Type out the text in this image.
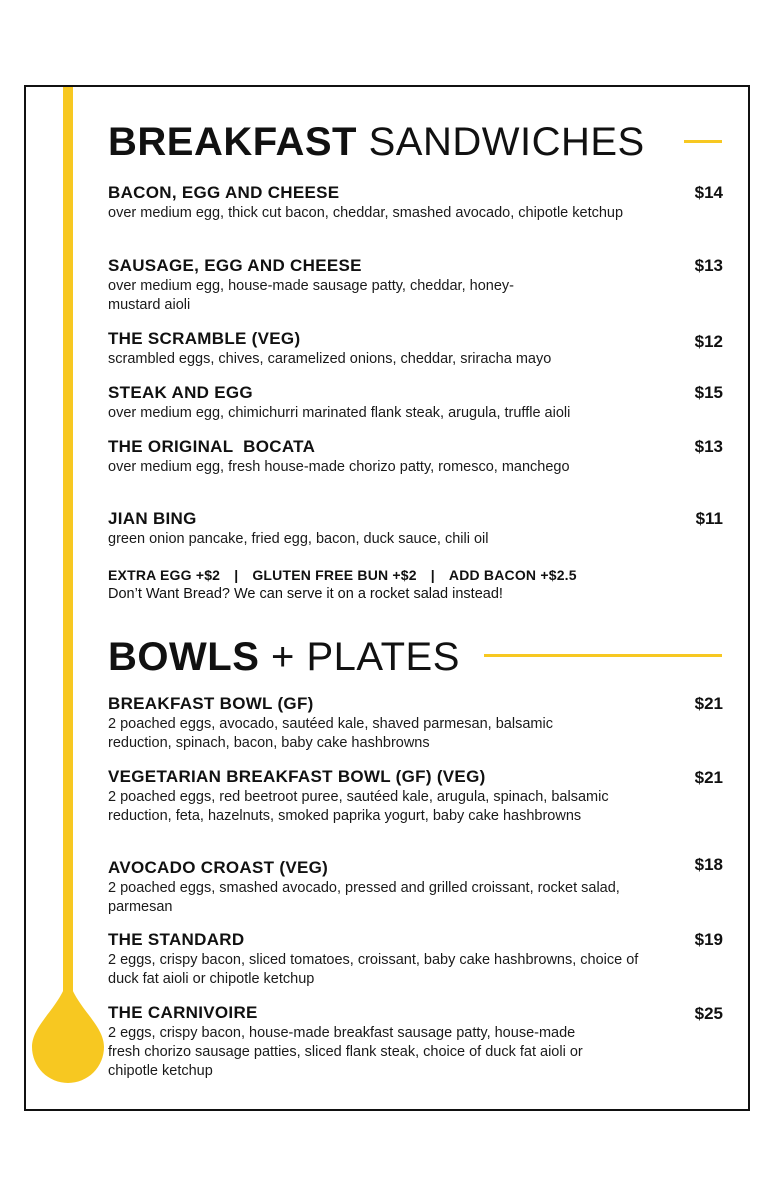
BREAKFAST SANDWICHES
BACON, EGG AND CHEESE
over medium egg, thick cut bacon, cheddar, smashed avocado, chipotle ketchup
$14
SAUSAGE, EGG AND CHEESE
over medium egg, house-made sausage patty, cheddar, honey-mustard aioli
$13
THE SCRAMBLE (VEG)
scrambled eggs, chives, caramelized onions, cheddar, sriracha mayo
$12
STEAK AND EGG
over medium egg, chimichurri marinated flank steak, arugula, truffle aioli
$15
THE ORIGINAL  BOCATA
over medium egg, fresh house-made chorizo patty, romesco, manchego
$13
JIAN BING
green onion pancake, fried egg, bacon, duck sauce, chili oil
$11
EXTRA EGG +$2 | GLUTEN FREE BUN +$2 | ADD BACON +$2.5
Don’t Want Bread? We can serve it on a rocket salad instead!
BOWLS + PLATES
BREAKFAST BOWL (GF)
2 poached eggs, avocado, sautéed kale, shaved parmesan, balsamic reduction, spinach, bacon, baby cake hashbrowns
$21
VEGETARIAN BREAKFAST BOWL (GF) (VEG)
2 poached eggs, red beetroot puree, sautéed kale, arugula, spinach, balsamic reduction, feta, hazelnuts, smoked paprika yogurt, baby cake hashbrowns
$21
AVOCADO CROAST (VEG)
2 poached eggs, smashed avocado, pressed and grilled croissant, rocket salad, parmesan
$18
THE STANDARD
2 eggs, crispy bacon, sliced tomatoes, croissant, baby cake hashbrowns, choice of duck fat aioli or chipotle ketchup
$19
THE CARNIVOIRE
2 eggs, crispy bacon, house-made breakfast sausage patty, house-made fresh chorizo sausage patties, sliced flank steak, choice of duck fat aioli or chipotle ketchup
$25
